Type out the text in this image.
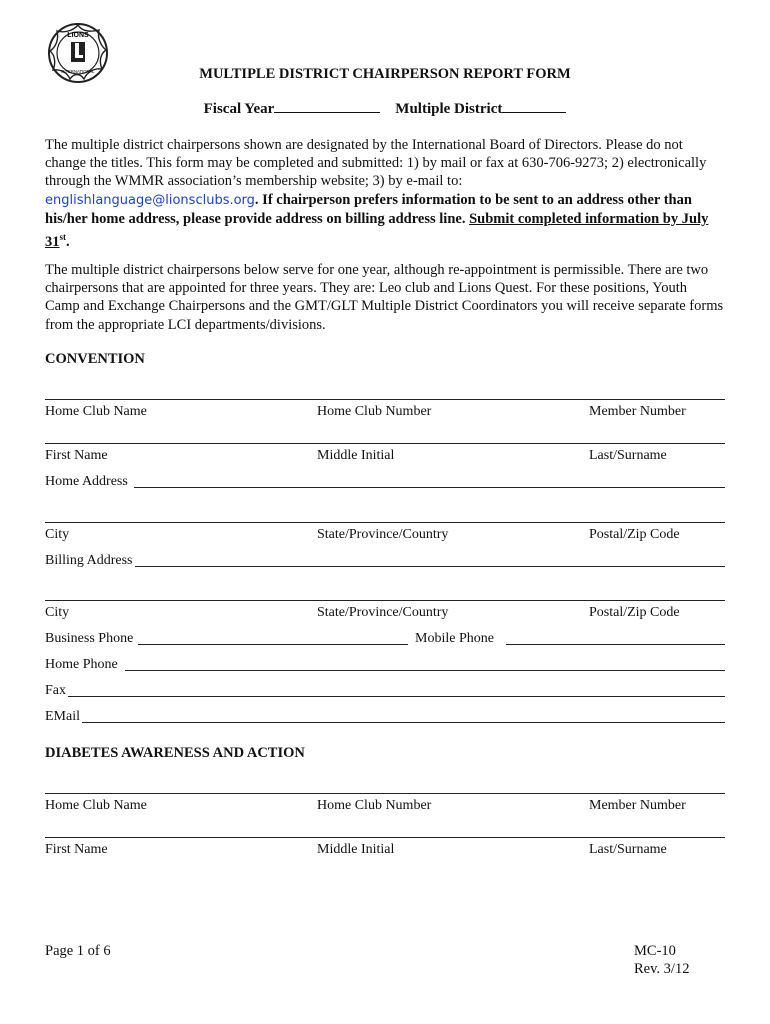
LIONS
INTERNATIONAL	MULTIPLE DISTRICT CHAIRPERSON REPORT FORM
Fiscal Year	Multiple District
The multiple district chairpersons shown are designated by the International Board of Directors. Please do not change the titles. This form may be completed and submitted: 1) by mail or fax at 630-706-9273; 2) electronically through the WMMR association’s membership website; 3) by e-mail to:
englishlanguage@lionsclubs.org. If chairperson prefers information to be sent to an address other than his/her home address, please provide address on billing address line. Submit completed information by July 31st.
The multiple district chairpersons below serve for one year, although re-appointment is permissible. There are two chairpersons that are appointed for three years. They are: Leo club and Lions Quest. For these positions, Youth Camp and Exchange Chairpersons and the GMT/GLT Multiple District Coordinators you will receive separate forms from the appropriate LCI departments/divisions.
CONVENTION
Home Club Name	Home Club Number	Member Number
First Name	Middle Initial	Last/Surname
Home Address
City	State/Province/Country	Postal/Zip Code
Billing Address
City	State/Province/Country	Postal/Zip Code
Business Phone	Mobile Phone
Home Phone
Fax
EMail
DIABETES AWARENESS AND ACTION
Home Club Name	Home Club Number	Member Number
First Name	Middle Initial	Last/Surname
Page 1 of 6	MC-10
Rev. 3/12
